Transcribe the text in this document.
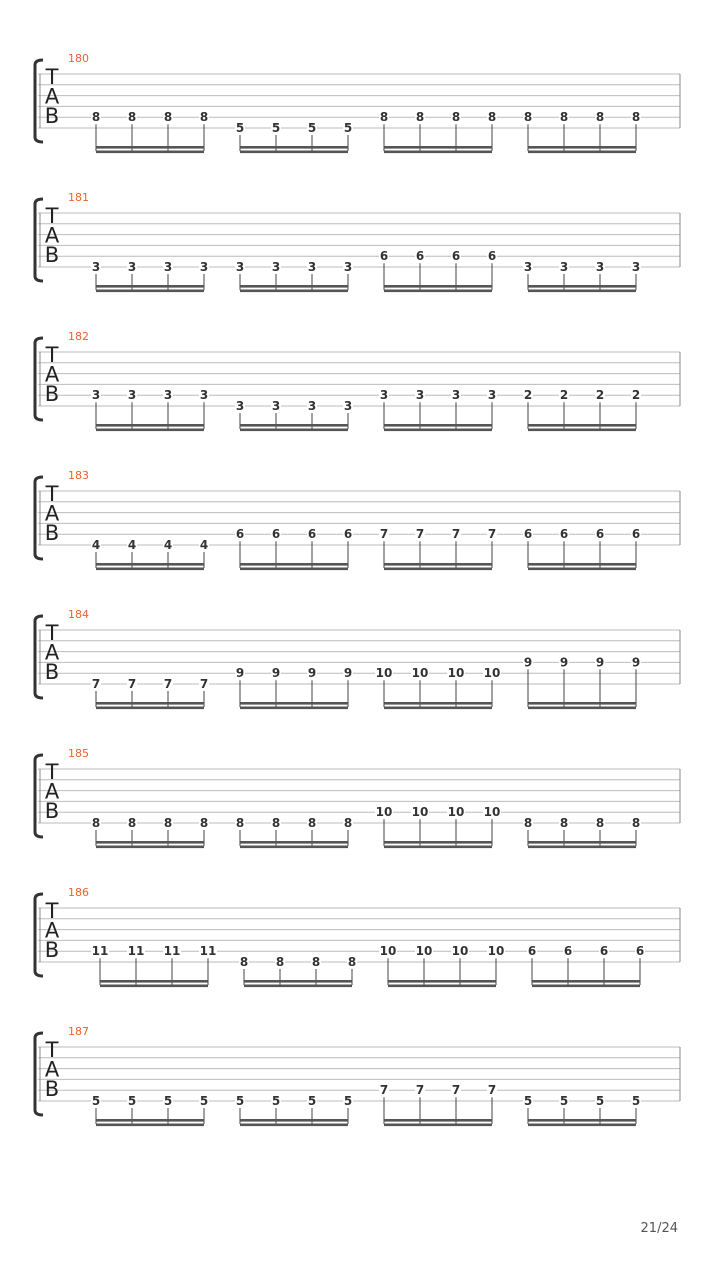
180
T
A
B	8 8 8 8
5 5 5 5
8 8 8 8 8 8 8 8
181
T
A
B	3 3 3 3 3 3 3 3
6 6 6 6
3 3 3 3
182
T
A
B	3 3 3 3
3 3 3 3
3 3 3 3 2 2 2 2
183
T
A
B	4 4 4 4
6 6 6 6 7 7 7 7 6 6 6 6
184
T
A
B	7 7 7 7
9 9 9 9 10 10 10 10
9 9 9 9
185
T
A
B	8 8 8 8 8 8 8 8
10 10 10 10
8 8 8 8
186
T
A
B	11 11 11 11
8 8 8 8
10 10 10 10 6 6 6 6
187
T
A
B	5 5 5 5 5 5 5 5
7 7 7 7
5 5 5 5
21/24
